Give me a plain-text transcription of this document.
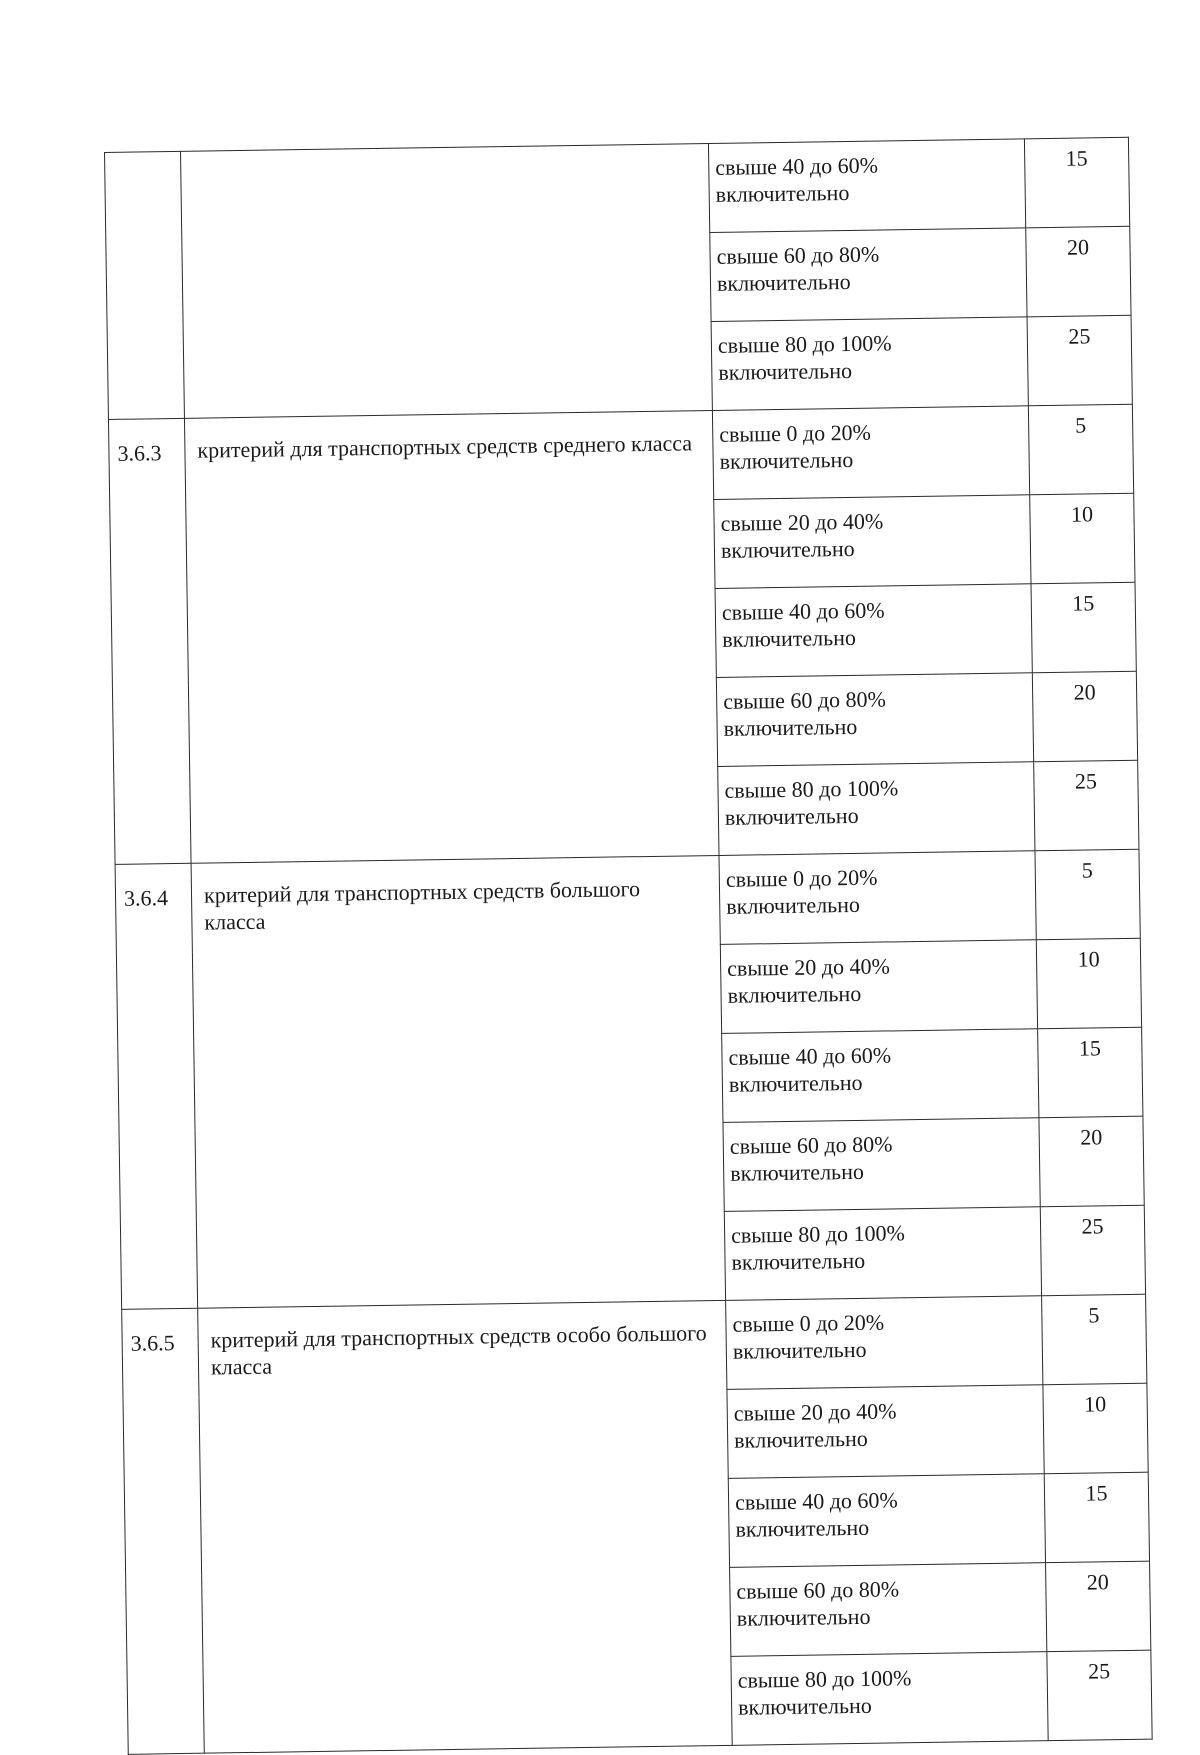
		свыше 40 до 60%
включительно	15

		свыше 60 до 80%
включительно	20

		свыше 80 до 100%
включительно	25
3.6.3	критерий для транспортных средств среднего класса	свыше 0 до 20%
включительно	5

		свыше 20 до 40%
включительно	10

		свыше 40 до 60%
включительно	15

		свыше 60 до 80%
включительно	20

		свыше 80 до 100%
включительно	25
3.6.4	критерий для транспортных средств большого класса	свыше 0 до 20%
включительно	5

		свыше 20 до 40%
включительно	10

		свыше 40 до 60%
включительно	15

		свыше 60 до 80%
включительно	20

		свыше 80 до 100%
включительно	25
3.6.5	критерий для транспортных средств особо большого класса	свыше 0 до 20%
включительно	5

		свыше 20 до 40%
включительно	10

		свыше 40 до 60%
включительно	15

		свыше 60 до 80%
включительно	20

		свыше 80 до 100%
включительно	25
